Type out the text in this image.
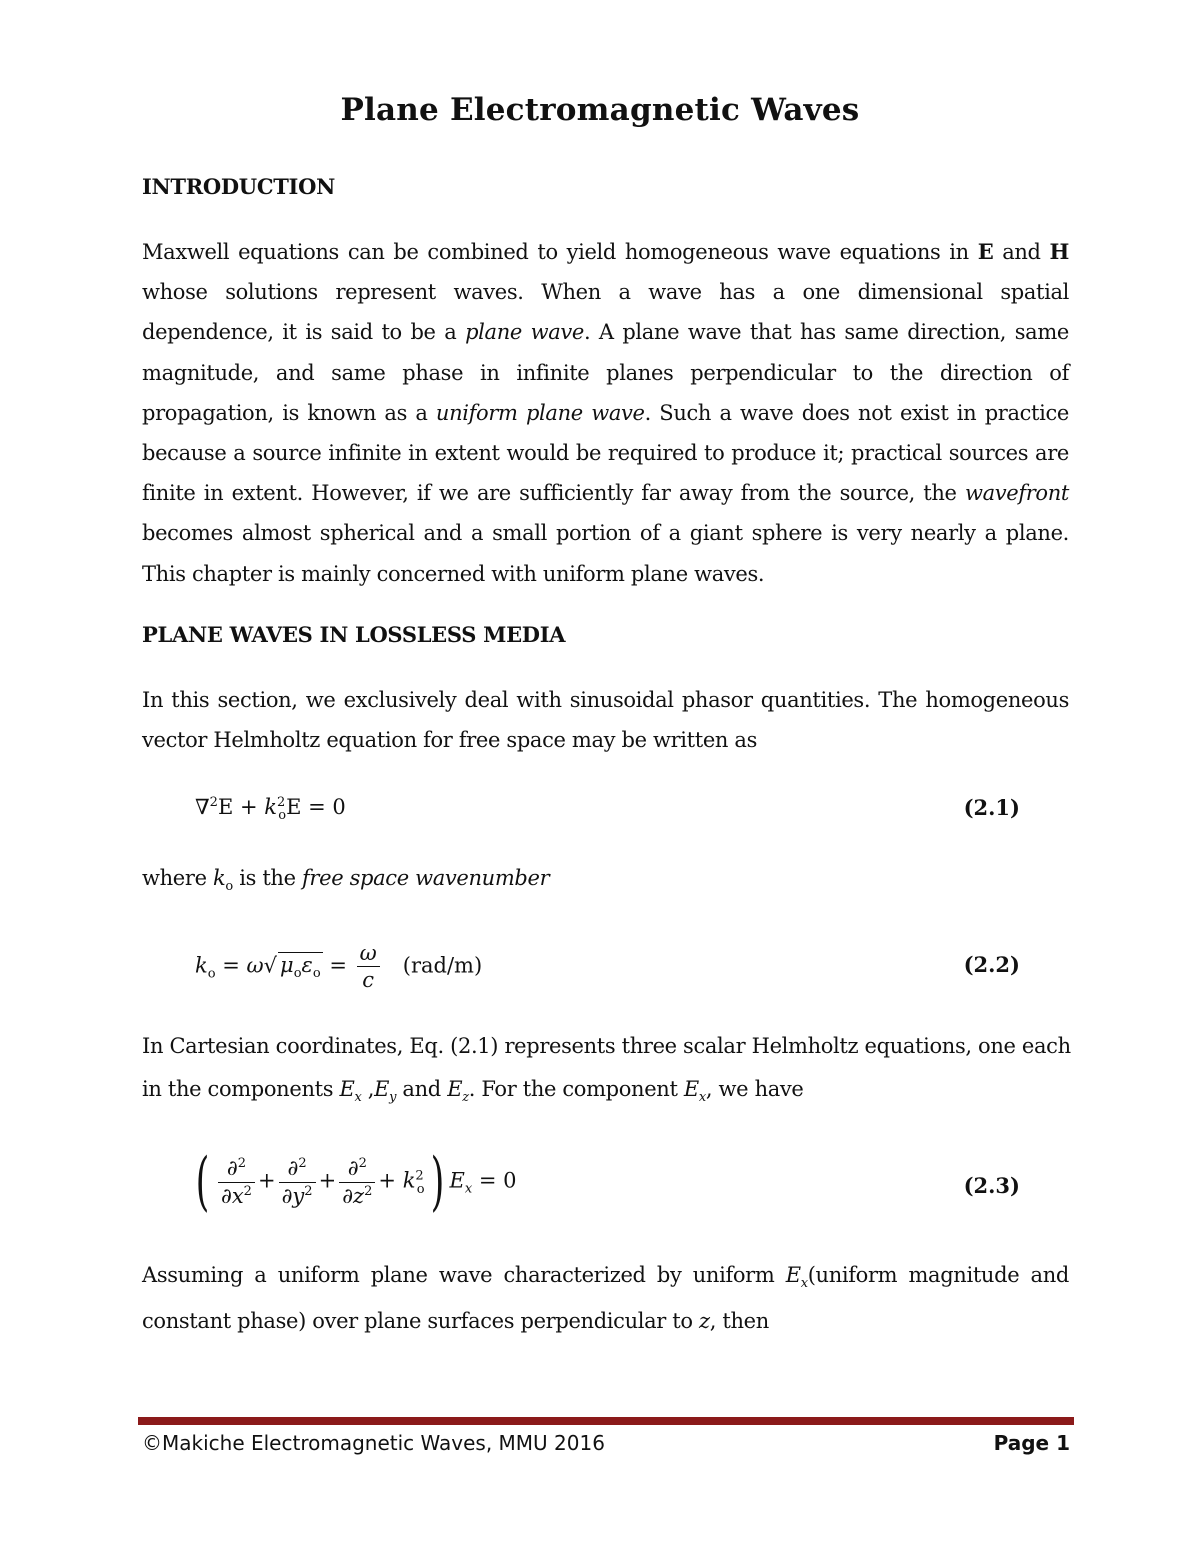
Plane Electromagnetic Waves
INTRODUCTION
Maxwell equations can be combined to yield homogeneous wave equations in E and H whose solutions represent waves. When a wave has a one dimensional spatial dependence, it is said to be a plane wave. A plane wave that has same direction, same magnitude, and same phase in infinite planes perpendicular to the direction of propagation, is known as a uniform plane wave. Such a wave does not exist in practice because a source infinite in extent would be required to produce it; practical sources are finite in extent. However, if we are sufficiently far away from the source, the wavefront becomes almost spherical and a small portion of a giant sphere is very nearly a plane. This chapter is mainly concerned with uniform plane waves.
PLANE WAVES IN LOSSLESS MEDIA
In this section, we exclusively deal with sinusoidal phasor quantities. The homogeneous vector Helmholtz equation for free space may be written as
$\nabla^2E + k^2_oE = 0$	(2.1)
where $k_o$ is the free space wavenumber
$k_o = \omega√$ $\mu_o\varepsilon_o = \frac{\omega}{c} (rad/m)$	(2.2)
In Cartesian coordinates, Eq. (2.1) represents three scalar Helmholtz equations, one each
in the components $E_x$ $,E_y$ and $E_z$. For the component $E_x$, we have
( $\frac{\partial^2}{\partial x^2} + \frac{\partial^2}{\partial y^2} + \frac{\partial^2}{\partial z^2} + k^2_o$) $E_x = 0$	(2.3)
Assuming a uniform plane wave characterized by uniform $E_x(uniform$ magnitude and
constant phase) over plane surfaces perpendicular to z, then
©Makiche Electromagnetic Waves, MMU 2016	Page 1
